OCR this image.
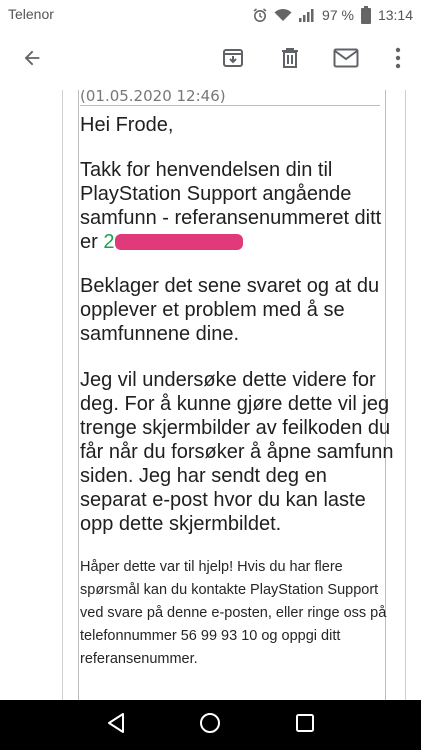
Telenor	97 % 13:14
(01.05.2020 12:46)
Hei Frode,
Takk for henvendelsen din til PlayStation Support angående samfunn - referansenummeret ditt er 2
Beklager det sene svaret og at du opplever et problem med å se samfunnene dine.
Jeg vil undersøke dette videre for deg. For å kunne gjøre dette vil jeg trenge skjermbilder av feilkoden du får når du forsøker å åpne samfunn siden. Jeg har sendt deg en separat e-post hvor du kan laste opp dette skjermbildet.
Håper dette var til hjelp! Hvis du har flere spørsmål kan du kontakte PlayStation Support ved svare på denne e-posten, eller ringe oss på telefonnummer 56 99 93 10 og oppgi ditt referansenummer.
